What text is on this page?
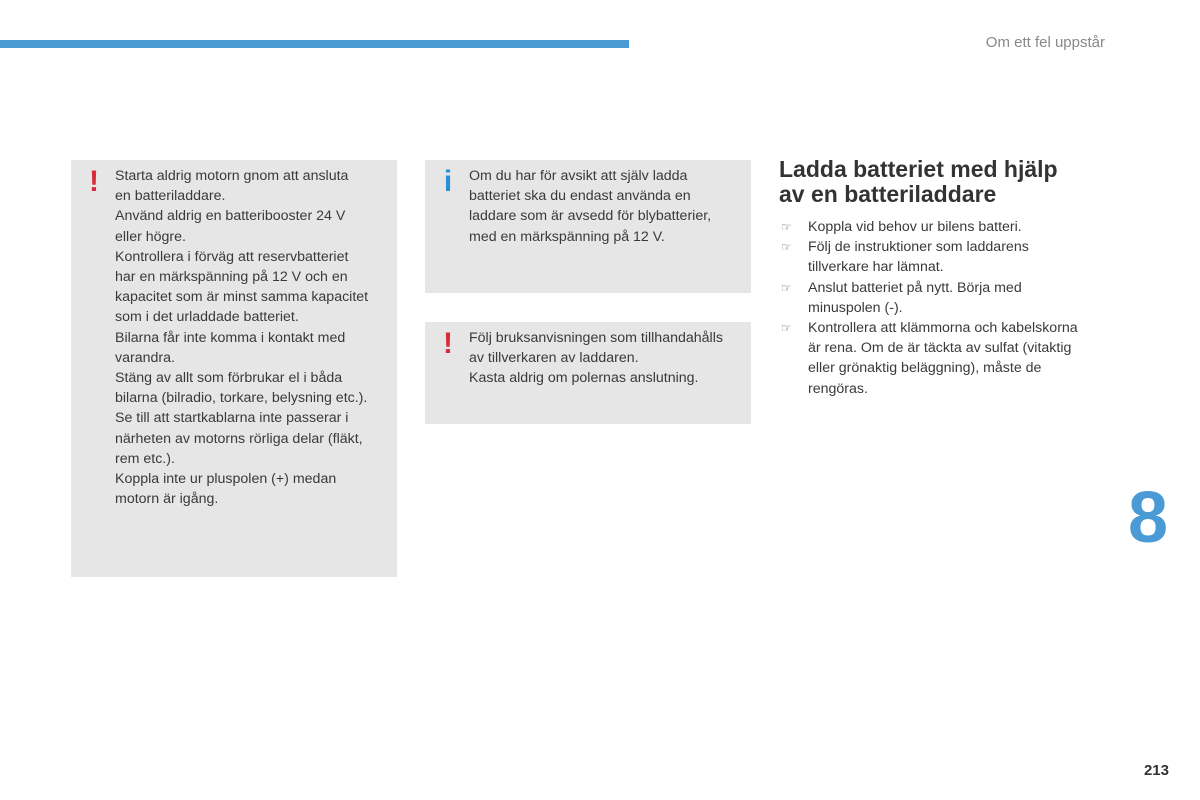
Om ett fel uppstår
! Starta aldrig motorn gnom att ansluta
en batteriladdare.
Använd aldrig en batteribooster 24 V
eller högre.
Kontrollera i förväg att reservbatteriet
har en märkspänning på 12 V och en
kapacitet som är minst samma kapacitet
som i det urladdade batteriet.
Bilarna får inte komma i kontakt med
varandra.
Stäng av allt som förbrukar el i båda
bilarna (bilradio, torkare, belysning etc.).
Se till att startkablarna inte passerar i
närheten av motorns rörliga delar (fläkt,
rem etc.).
Koppla inte ur pluspolen (+) medan
motorn är igång.
i	Om du har för avsikt att själv ladda
batteriet ska du endast använda en
laddare som är avsedd för blybatterier,
med en märkspänning på 12 V.
! Följ bruksanvisningen som tillhandahålls
av tillverkaren av laddaren.
Kasta aldrig om polernas anslutning.
Ladda batteriet med hjälp
av en batteriladdare
☞ Koppla vid behov ur bilens batteri.
☞ Följ de instruktioner som laddarens
tillverkare har lämnat.
☞ Anslut batteriet på nytt. Börja med
minuspolen (-).
☞ Kontrollera att klämmorna och kabelskorna
är rena. Om de är täckta av sulfat (vitaktig
eller grönaktig beläggning), måste de
rengöras.
8
213
